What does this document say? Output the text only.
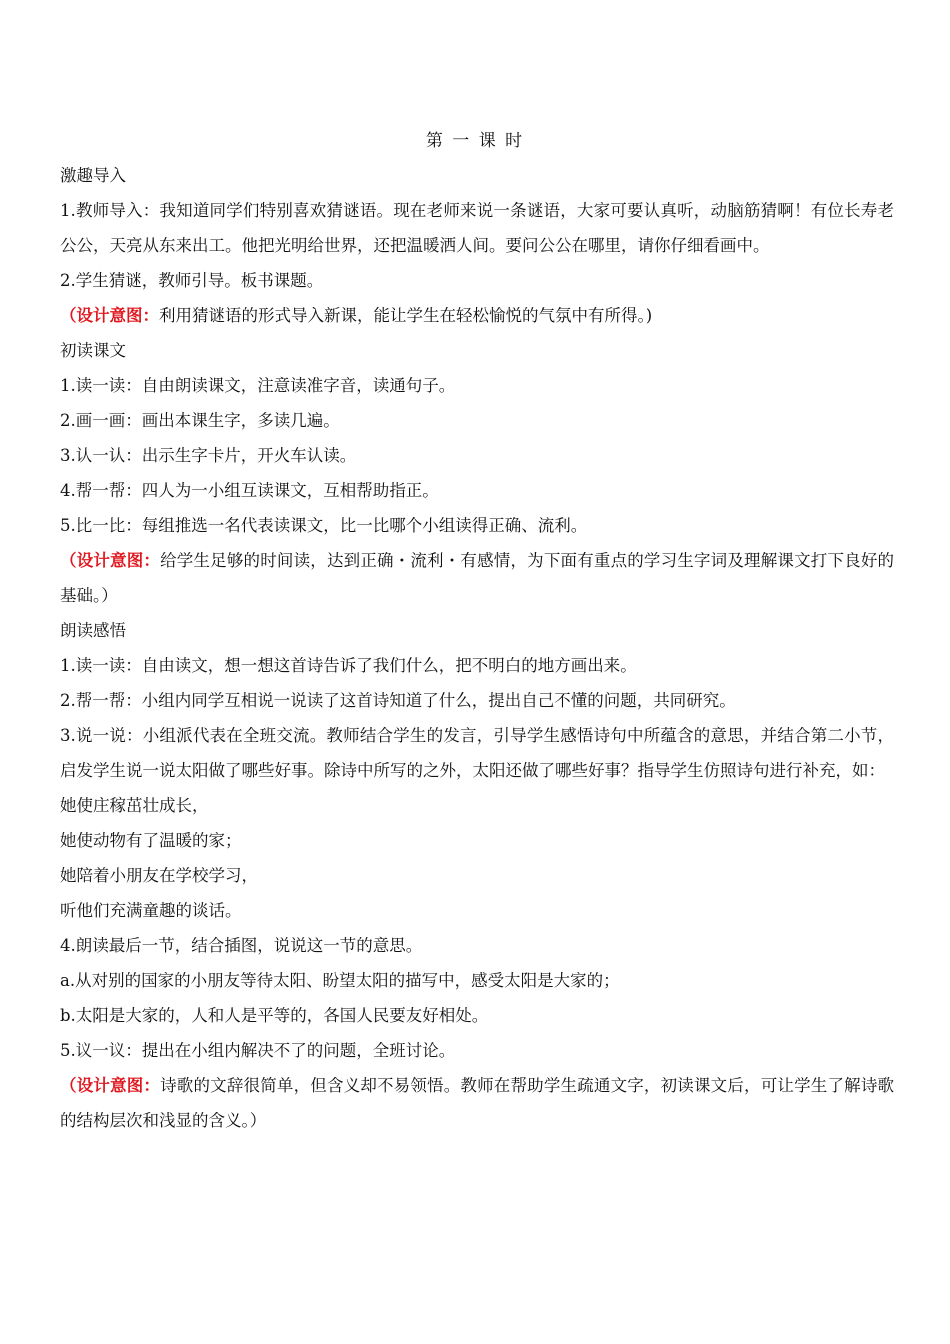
第 一 课 时

激趣导入

1.教师导入：我知道同学们特别喜欢猜谜语。现在老师来说一条谜语，大家可要认真听，动脑筋猜啊！有位长寿老公公，天亮从东来出工。他把光明给世界，还把温暖洒人间。要问公公在哪里，请你仔细看画中。

2.学生猜谜，教师引导。板书课题。

（设计意图：利用猜谜语的形式导入新课，能让学生在轻松愉悦的气氛中有所得。)

初读课文

1.读一读：自由朗读课文，注意读准字音，读通句子。

2.画一画：画出本课生字，多读几遍。

3.认一认：出示生字卡片，开火车认读。

4.帮一帮：四人为一小组互读课文，互相帮助指正。

5.比一比：每组推选一名代表读课文，比一比哪个小组读得正确、流利。

（设计意图：给学生足够的时间读，达到正确・流利・有感情，为下面有重点的学习生字词及理解课文打下良好的基础。）

朗读感悟

1.读一读：自由读文，想一想这首诗告诉了我们什么，把不明白的地方画出来。

2.帮一帮：小组内同学互相说一说读了这首诗知道了什么，提出自己不懂的问题，共同研究。

3.说一说：小组派代表在全班交流。教师结合学生的发言，引导学生感悟诗句中所蕴含的意思，并结合第二小节，启发学生说一说太阳做了哪些好事。除诗中所写的之外，太阳还做了哪些好事？指导学生仿照诗句进行补充，如：

她使庄稼茁壮成长，

她使动物有了温暖的家；

她陪着小朋友在学校学习，

听他们充满童趣的谈话。

4.朗读最后一节，结合插图，说说这一节的意思。

a.从对别的国家的小朋友等待太阳、盼望太阳的描写中，感受太阳是大家的；

b.太阳是大家的，人和人是平等的，各国人民要友好相处。

5.议一议：提出在小组内解决不了的问题，全班讨论。

（设计意图：诗歌的文辞很简单，但含义却不易领悟。教师在帮助学生疏通文字，初读课文后，可让学生了解诗歌的结构层次和浅显的含义。）
